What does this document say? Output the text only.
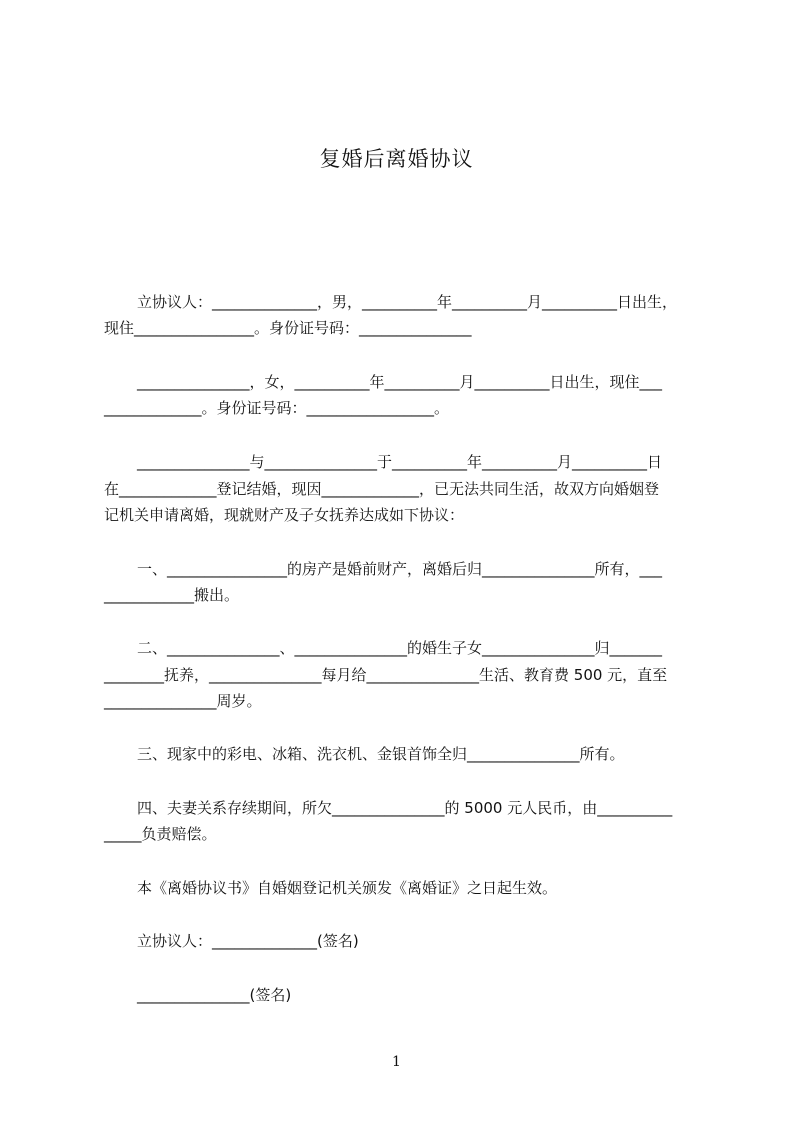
复婚后离婚协议
立协议人：______________，男，__________年__________月__________日出生，
现住________________。身份证号码：_______________
_______________，女，__________年__________月__________日出生，现住___
_____________。身份证号码：_________________。
_______________与_______________于__________年__________月__________日
在_____________登记结婚，现因_____________，已无法共同生活，故双方向婚姻登
记机关申请离婚，现就财产及子女抚养达成如下协议：
一、________________的房产是婚前财产，离婚后归_______________所有，___
____________搬出。
二、_______________、_______________的婚生子女_______________归_______
________抚养，_______________每月给_______________生活、教育费 500 元，直至
_______________周岁。
三、现家中的彩电、冰箱、洗衣机、金银首饰全归_______________所有。
四、夫妻关系存续期间，所欠_______________的 5000 元人民币，由__________
_____负责赔偿。
本《离婚协议书》自婚姻登记机关颁发《离婚证》之日起生效。
立协议人：______________(签名)
_______________(签名)
1
